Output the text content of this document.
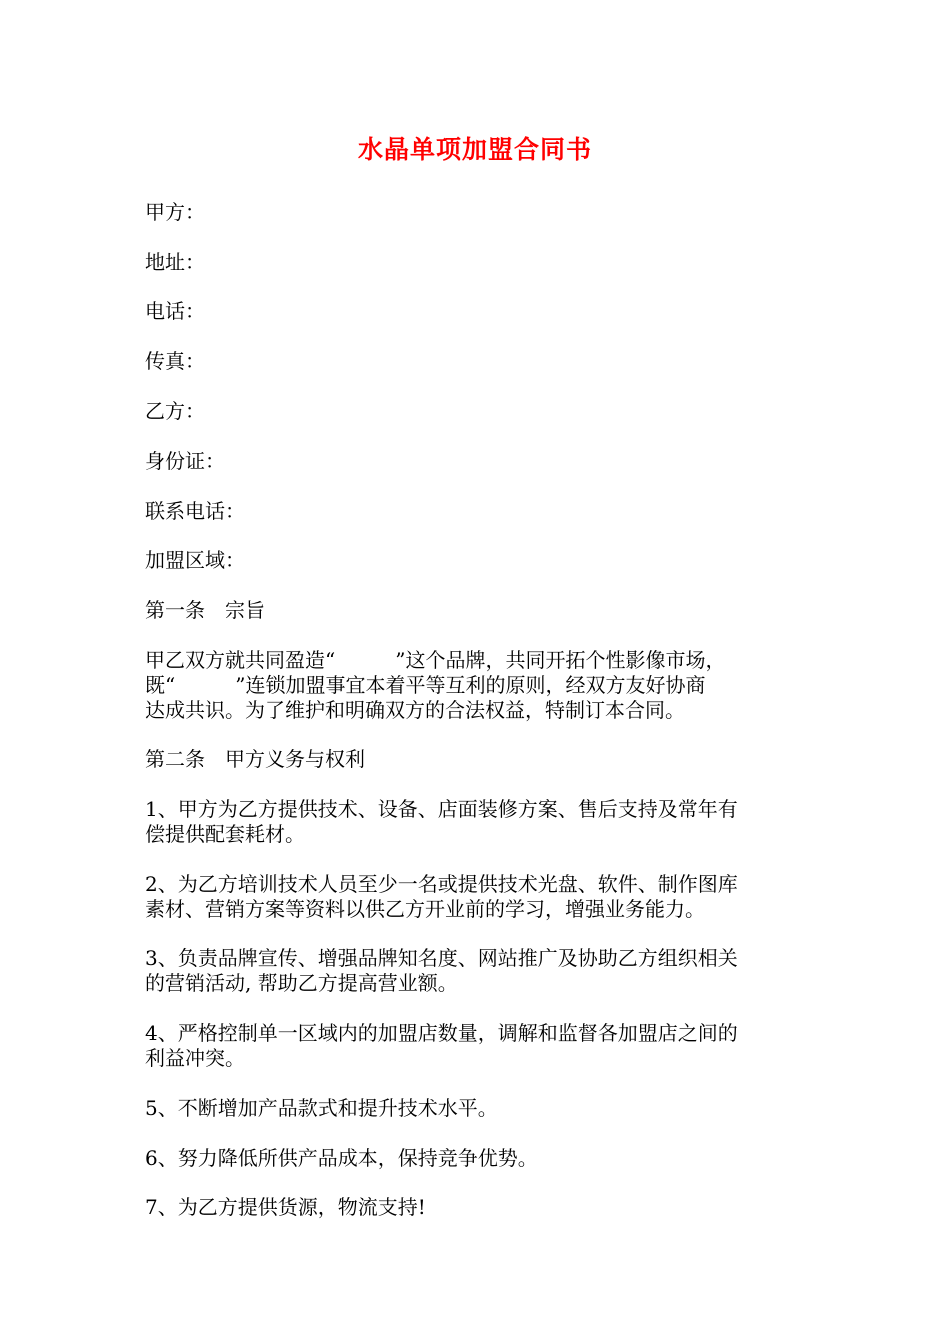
水晶单项加盟合同书
甲方：
地址：
电话：
传真：
乙方：
身份证：
联系电话：
加盟区域：
第一条　宗旨
甲乙双方就共同盈造“　　　”这个品牌，共同开拓个性影像市场，
既“　　　”连锁加盟事宜本着平等互利的原则，经双方友好协商
达成共识。为了维护和明确双方的合法权益，特制订本合同。
第二条　甲方义务与权利
1、甲方为乙方提供技术、设备、店面装修方案、售后支持及常年有
偿提供配套耗材。
2、为乙方培训技术人员至少一名或提供技术光盘、软件、制作图库
素材、营销方案等资料以供乙方开业前的学习，增强业务能力。
3、负责品牌宣传、增强品牌知名度、网站推广及协助乙方组织相关
的营销活动, 帮助乙方提高营业额。
4、严格控制单一区域内的加盟店数量，调解和监督各加盟店之间的
利益冲突。
5、不断增加产品款式和提升技术水平。
6、努力降低所供产品成本，保持竞争优势。
7、为乙方提供货源，物流支持!
